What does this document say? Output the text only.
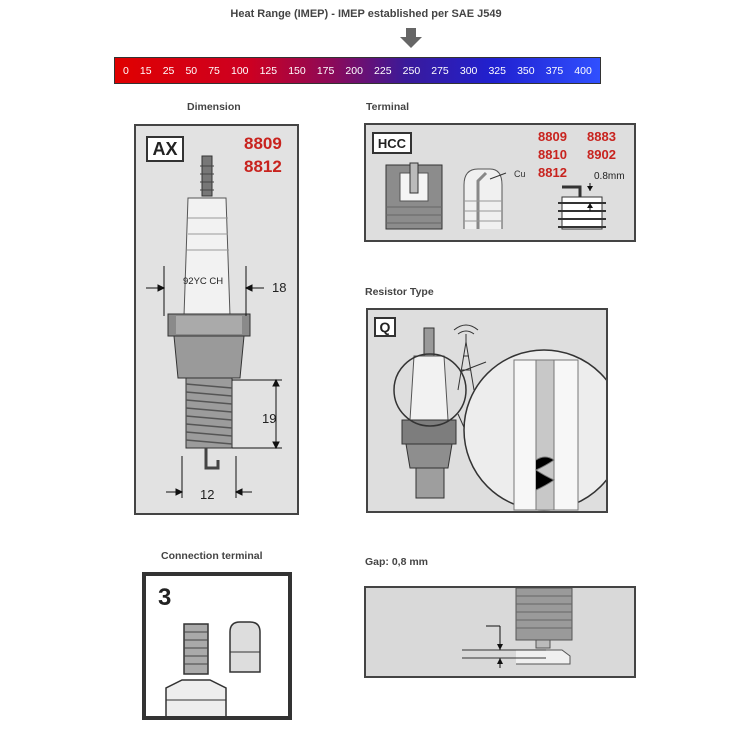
Heat Range (IMEP) - IMEP established per SAE J549
0 15 25 50 75 100 125 150 175 200 225 250 275 300 325 350 375 400
Dimension
AX	8809
8812
92YC CH	18
19
12
Terminal
HCC	8809 8883
8810 8902
8812
Cu	0.8mm
Resistor Type
Q
Connection terminal
3
Gap: 0,8 mm
